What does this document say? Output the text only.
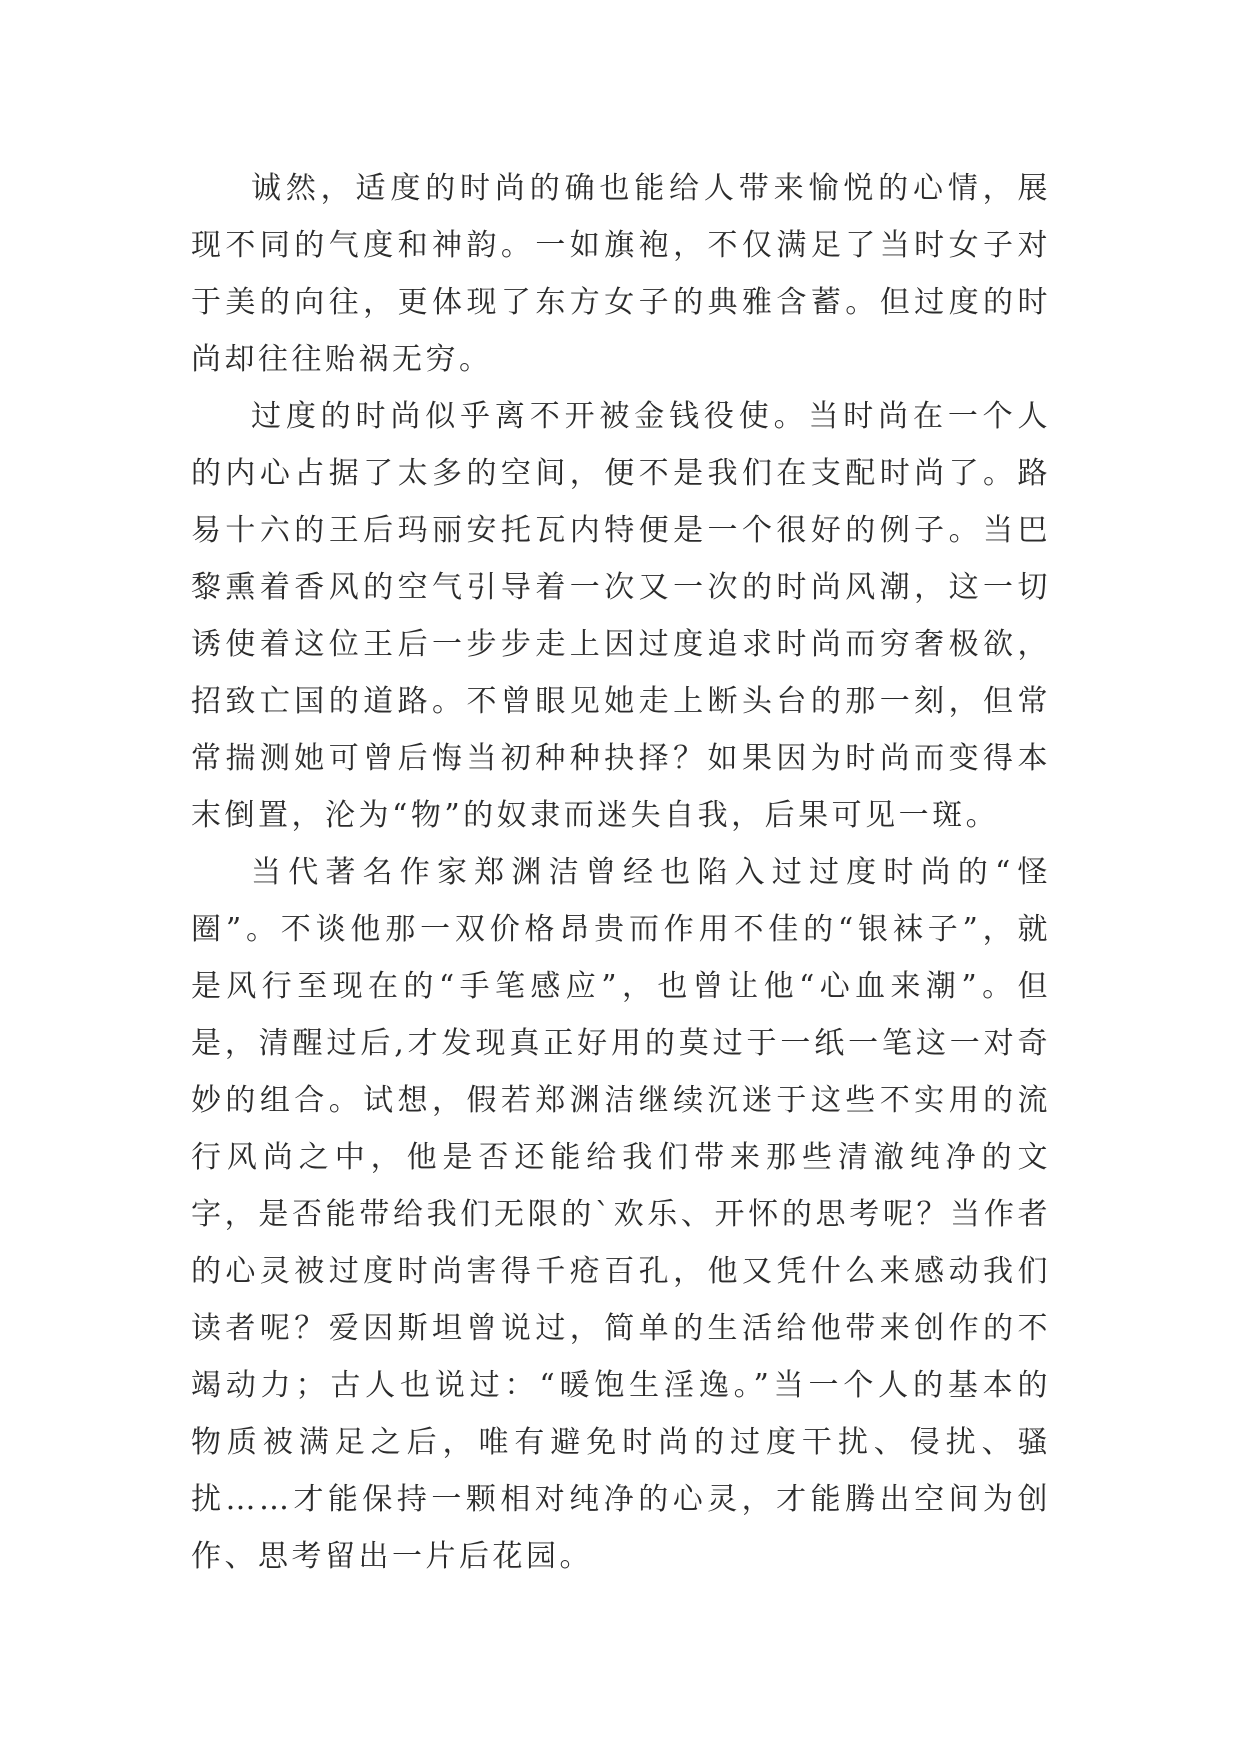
诚然，适度的时尚的确也能给人带来愉悦的心情，展现不同的气度和神韵。一如旗袍，不仅满足了当时女子对于美的向往，更体现了东方女子的典雅含蓄。但过度的时尚却往往贻祸无穷。

过度的时尚似乎离不开被金钱役使。当时尚在一个人的内心占据了太多的空间，便不是我们在支配时尚了。路易十六的王后玛丽安托瓦内特便是一个很好的例子。当巴黎熏着香风的空气引导着一次又一次的时尚风潮，这一切诱使着这位王后一步步走上因过度追求时尚而穷奢极欲，招致亡国的道路。不曾眼见她走上断头台的那一刻，但常常揣测她可曾后悔当初种种抉择？如果因为时尚而变得本末倒置，沦为“物”的奴隶而迷失自我，后果可见一斑。

当代著名作家郑渊洁曾经也陷入过过度时尚的“怪圈”。不谈他那一双价格昂贵而作用不佳的“银袜子”，就是风行至现在的“手笔感应”，也曾让他“心血来潮”。但是，清醒过后,才发现真正好用的莫过于一纸一笔这一对奇妙的组合。试想，假若郑渊洁继续沉迷于这些不实用的流行风尚之中，他是否还能给我们带来那些清澈纯净的文字，是否能带给我们无限的`欢乐、开怀的思考呢？当作者的心灵被过度时尚害得千疮百孔，他又凭什么来感动我们读者呢？爱因斯坦曾说过，简单的生活给他带来创作的不竭动力；古人也说过：“暖饱生淫逸。”当一个人的基本的物质被满足之后，唯有避免时尚的过度干扰、侵扰、骚扰……才能保持一颗相对纯净的心灵，才能腾出空间为创作、思考留出一片后花园。
